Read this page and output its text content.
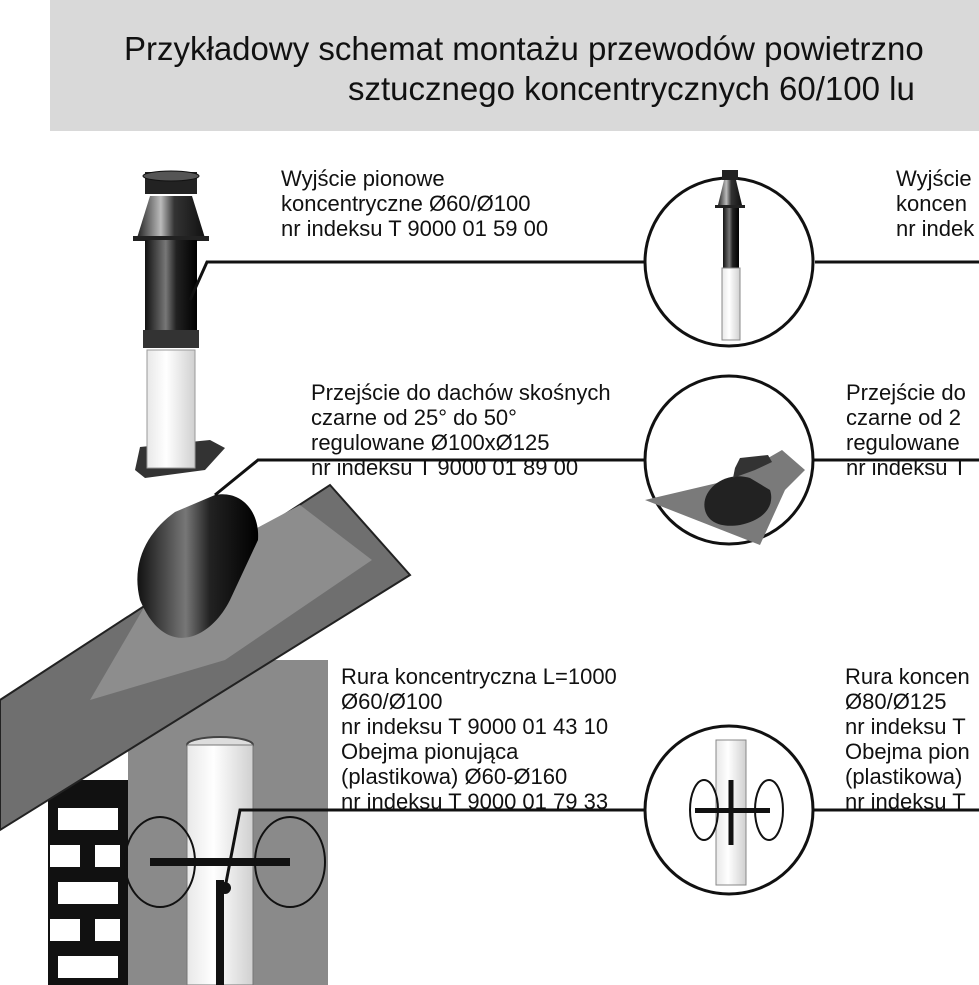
Przykładowy schemat montażu przewodów powietrzno
sztucznego koncentrycznych 60/100 lu
Wyjście pionowe
koncentryczne Ø60/Ø100
nr indeksu T 9000 01 59 00
Przejście do dachów skośnych
czarne od 25° do 50°
regulowane Ø100xØ125
nr indeksu T 9000 01 89 00
Rura koncentryczna L=1000
Ø60/Ø100
nr indeksu T 9000 01 43 10
Obejma pionująca
(plastikowa) Ø60-Ø160
nr indeksu T 9000 01 79 33
Wyjście
koncen
nr indek
Przejście do
czarne od 2
regulowane
nr indeksu T
Rura koncen
Ø80/Ø125
nr indeksu T
Obejma pion
(plastikowa)
nr indeksu T
